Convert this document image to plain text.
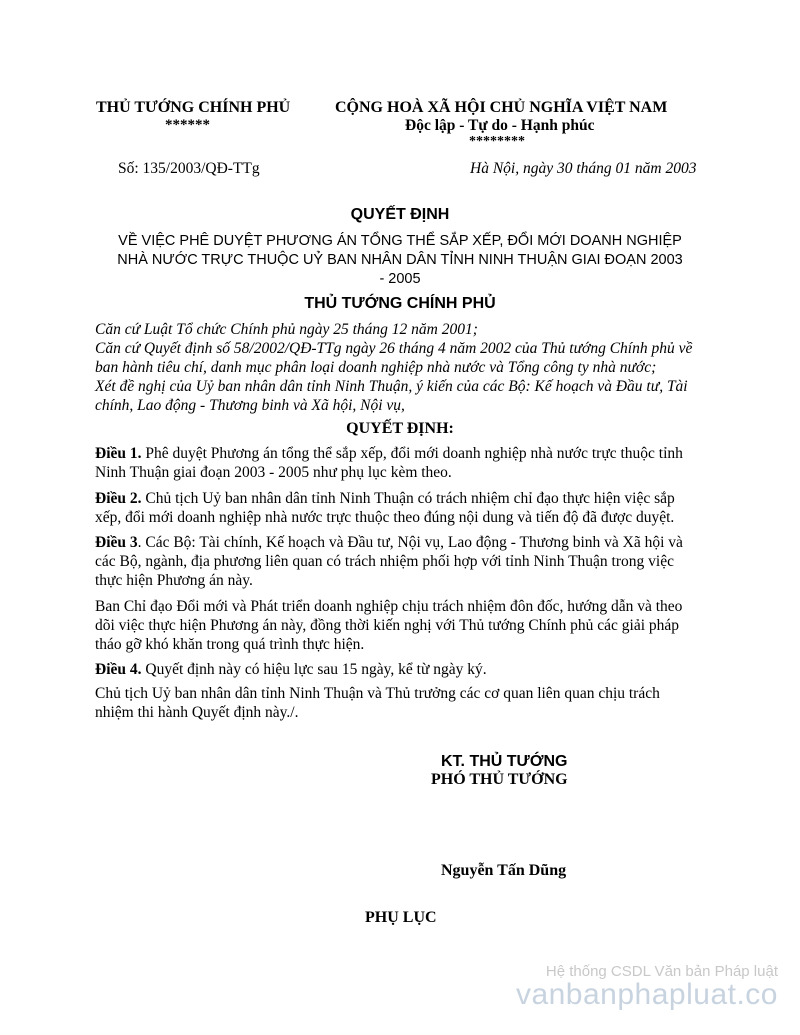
THỦ TƯỚNG CHÍNH PHỦ
******
CỘNG HOÀ XÃ HỘI CHỦ NGHĨA VIỆT NAM
Độc lập - Tự do - Hạnh phúc
********
Số: 135/2003/QĐ-TTg	Hà Nội, ngày 30 tháng 01 năm 2003
QUYẾT ĐỊNH
VỀ VIỆC PHÊ DUYỆT PHƯƠNG ÁN TỔNG THỂ SẮP XẾP, ĐỔI MỚI DOANH NGHIỆP
NHÀ NƯỚC TRỰC THUỘC UỶ BAN NHÂN DÂN TỈNH NINH THUẬN GIAI ĐOẠN 2003
- 2005
THỦ TƯỚNG CHÍNH PHỦ
Căn cứ Luật Tổ chức Chính phủ ngày 25 tháng 12 năm 2001;
Căn cứ Quyết định số 58/2002/QĐ-TTg ngày 26 tháng 4 năm 2002 của Thủ tướng Chính phủ về
ban hành tiêu chí, danh mục phân loại doanh nghiệp nhà nước và Tổng công ty nhà nước;
Xét đề nghị của Uỷ ban nhân dân tỉnh Ninh Thuận, ý kiến của các Bộ: Kế hoạch và Đầu tư, Tài
chính, Lao động - Thương binh và Xã hội, Nội vụ,
QUYẾT ĐỊNH:
Điều 1. Phê duyệt Phương án tổng thể sắp xếp, đổi mới doanh nghiệp nhà nước trực thuộc tỉnh
Ninh Thuận giai đoạn 2003 - 2005 như phụ lục kèm theo.
Điều 2. Chủ tịch Uỷ ban nhân dân tỉnh Ninh Thuận có trách nhiệm chỉ đạo thực hiện việc sắp
xếp, đổi mới doanh nghiệp nhà nước trực thuộc theo đúng nội dung và tiến độ đã được duyệt.
Điều 3. Các Bộ: Tài chính, Kế hoạch và Đầu tư, Nội vụ, Lao động - Thương binh và Xã hội và
các Bộ, ngành, địa phương liên quan có trách nhiệm phối hợp với tỉnh Ninh Thuận trong việc
thực hiện Phương án này.
Ban Chỉ đạo Đổi mới và Phát triển doanh nghiệp chịu trách nhiệm đôn đốc, hướng dẫn và theo
dõi việc thực hiện Phương án này, đồng thời kiến nghị với Thủ tướng Chính phủ các giải pháp
tháo gỡ khó khăn trong quá trình thực hiện.
Điều 4. Quyết định này có hiệu lực sau 15 ngày, kể từ ngày ký.
Chủ tịch Uỷ ban nhân dân tỉnh Ninh Thuận và Thủ trưởng các cơ quan liên quan chịu trách
nhiệm thi hành Quyết định này./.
KT. THỦ TƯỚNG
PHÓ THỦ TƯỚNG
Nguyễn Tấn Dũng
PHỤ LỤC
Hệ thống CSDL Văn bản Pháp luật
vanbanphapluat.co
